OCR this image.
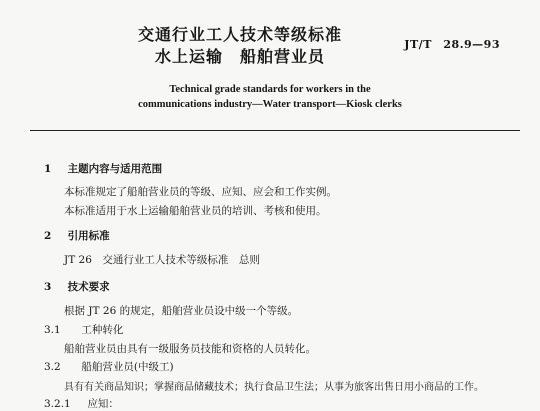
交通行业工人技术等级标准
水上运输　船舶营业员
JT/T　28.9—93
Technical grade standards for workers in the
communications industry—Water transport—Kiosk clerks
1 主题内容与适用范围
本标准规定了船舶营业员的等级、应知、应会和工作实例。
本标准适用于水上运输船舶营业员的培训、考核和使用。
2 引用标准
JT 26　交通行业工人技术等级标准　总则
3 技术要求
根据 JT 26 的规定，船舶营业员设中级一个等级。
3.1 工种转化
船舶营业员由具有一级服务员技能和资格的人员转化。
3.2 船舶营业员(中级工)
具有有关商品知识；掌握商品储藏技术；执行食品卫生法；从事为旅客出售日用小商品的工作。
3.2.1 应知：
